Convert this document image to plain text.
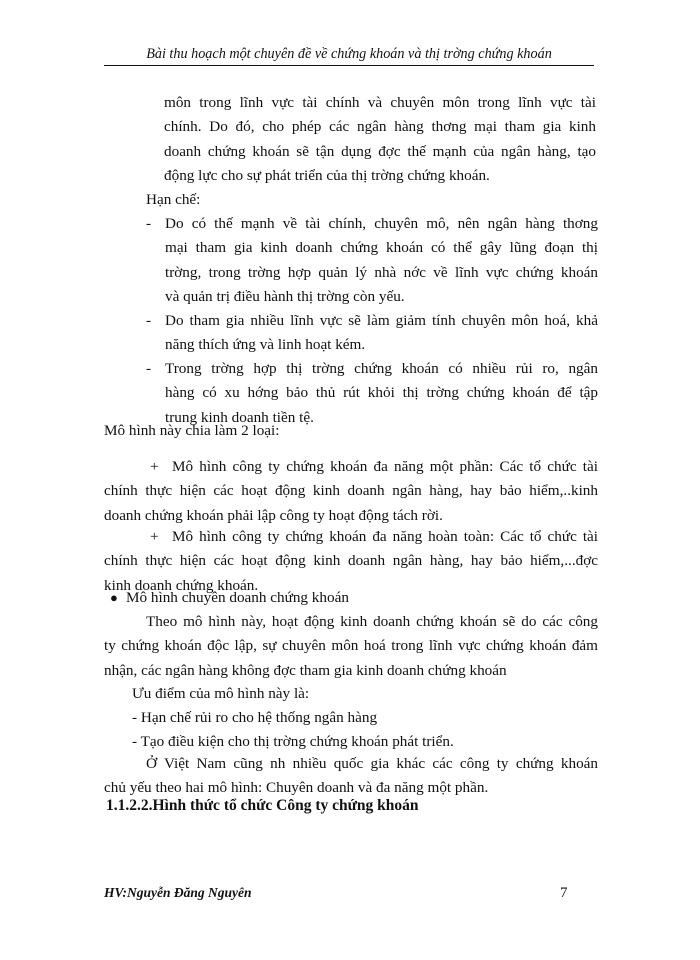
Bài thu hoạch một chuyên đề về chứng khoán và thị trờng chứng khoán
môn trong lĩnh vực tài chính và chuyên môn trong lĩnh vực tài
chính. Do đó, cho phép các ngân hàng thơng mại tham gia kinh
doanh chứng khoán sẽ tận dụng đợc thế mạnh của ngân hàng, tạo
động lực cho sự phát triển của thị trờng chứng khoán.
Hạn chế:
- Do có thế mạnh về tài chính, chuyên mô, nên ngân hàng thơng
mại tham gia kinh doanh chứng khoán có thể gây lũng đoạn thị
trờng, trong trờng hợp quản lý nhà nớc về lĩnh vực chứng khoán
và quản trị điều hành thị trờng còn yếu.
- Do tham gia nhiều lĩnh vực sẽ làm giảm tính chuyên môn hoá, khả
năng thích ứng và linh hoạt kém.
- Trong trờng hợp thị trờng chứng khoán có nhiều rủi ro, ngân
hàng có xu hớng bảo thủ rút khỏi thị trờng chứng khoán để tập
trung kinh doanh tiền tệ.
Mô hình này chia làm 2 loại:
+ Mô hình công ty chứng khoán đa năng một phần: Các tổ chức tài
chính thực hiện các hoạt động kinh doanh ngân hàng, hay bảo hiểm,..kinh
doanh chứng khoán phải lập công ty hoạt động tách rời.
+ Mô hình công ty chứng khoán đa năng hoàn toàn: Các tổ chức tài
chính thực hiện các hoạt động kinh doanh ngân hàng, hay bảo hiểm,...đợc
kinh doanh chứng khoán.
● Mô hình chuyên doanh chứng khoán
Theo mô hình này, hoạt động kinh doanh chứng khoán sẽ do các công
ty chứng khoán độc lập, sự chuyên môn hoá trong lĩnh vực chứng khoán đảm
nhận, các ngân hàng không đợc tham gia kinh doanh chứng khoán
Ưu điểm của mô hình này là:
- Hạn chế rủi ro cho hệ thống ngân hàng
- Tạo điều kiện cho thị trờng chứng khoán phát triển.
Ở Việt Nam cũng nh nhiều quốc gia khác các công ty chứng khoán
chủ yếu theo hai mô hình: Chuyên doanh và đa năng một phần.
1.1.2.2.Hình thức tổ chức Công ty chứng khoán
HV:Nguyễn Đăng Nguyên	7
